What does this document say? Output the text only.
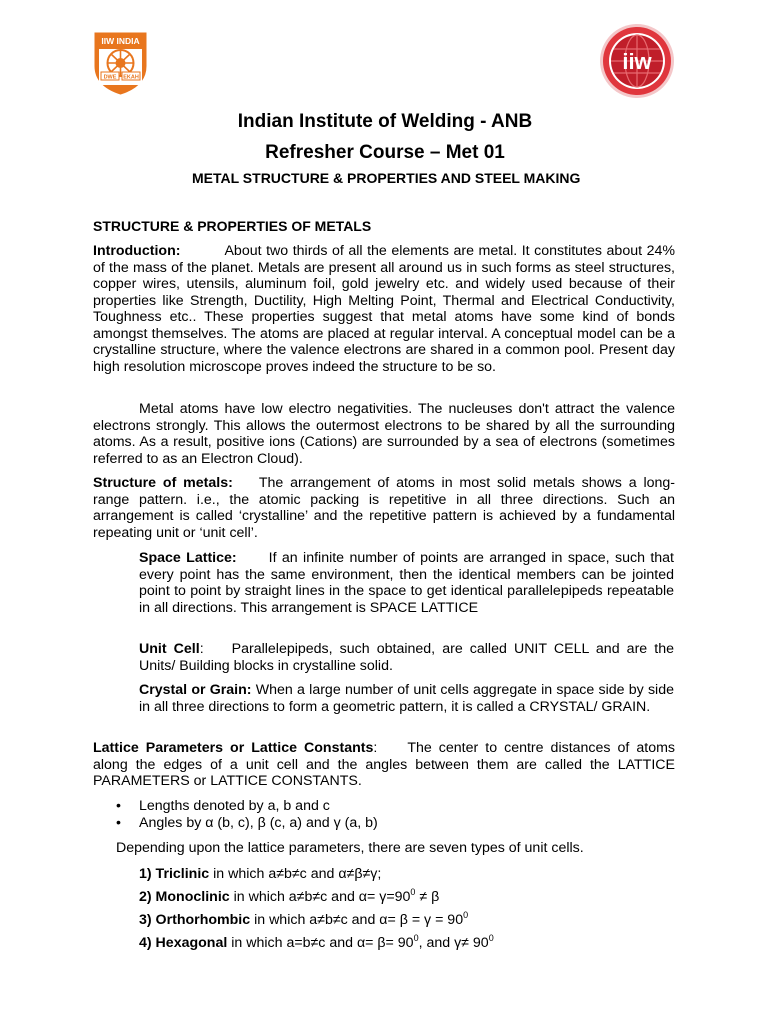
IIW INDIA
DWE EKAH
iiw
Indian Institute of Welding - ANB
Refresher Course – Met 01
METAL STRUCTURE & PROPERTIES AND STEEL MAKING
STRUCTURE & PROPERTIES OF METALS
Introduction:	About two thirds of all the elements are metal. It constitutes about 24% of the mass of the planet. Metals are present all around us in such forms as steel structures, copper wires, utensils, aluminum foil, gold jewelry etc. and widely used because of their properties like Strength, Ductility, High Melting Point, Thermal and Electrical Conductivity, Toughness etc.. These properties suggest that metal atoms have some kind of bonds amongst themselves. The atoms are placed at regular interval. A conceptual model can be a crystalline structure, where the valence electrons are shared in a common pool. Present day high resolution microscope proves indeed the structure to be so.
Metal atoms have low electro negativities. The nucleuses don't attract the valence electrons strongly. This allows the outermost electrons to be shared by all the surrounding atoms. As a result, positive ions (Cations) are surrounded by a sea of electrons (sometimes referred to as an Electron Cloud).
Structure of metals: The arrangement of atoms in most solid metals shows a long-range pattern. i.e., the atomic packing is repetitive in all three directions. Such an arrangement is called ‘crystalline’ and the repetitive pattern is achieved by a fundamental repeating unit or ‘unit cell’.
Space Lattice: If an infinite number of points are arranged in space, such that every point has the same environment, then the identical members can be jointed point to point by straight lines in the space to get identical parallelepipeds repeatable in all directions. This arrangement is SPACE LATTICE
Unit Cell: Parallelepipeds, such obtained, are called UNIT CELL and are the Units/ Building blocks in crystalline solid.
Crystal or Grain: When a large number of unit cells aggregate in space side by side in all three directions to form a geometric pattern, it is called a CRYSTAL/ GRAIN.
Lattice Parameters or Lattice Constants: The center to centre distances of atoms along the edges of a unit cell and the angles between them are called the LATTICE PARAMETERS or LATTICE CONSTANTS.
• Lengths denoted by a, b and c
• Angles by α (b, c), β (c, a) and γ (a, b)
Depending upon the lattice parameters, there are seven types of unit cells.
1) Triclinic in which a≠b≠c and α≠β≠γ;
2) Monoclinic in which a≠b≠c and $\alpha= \gamma=90^0 \ne \beta$
3) Orthorhombic in which a≠b≠c and $\alpha= \beta = \gamma = 90^0$
4) Hexagonal in which a=b≠c and $\alpha= \beta= 90^0$, and $\gamma\ne 90^0$
